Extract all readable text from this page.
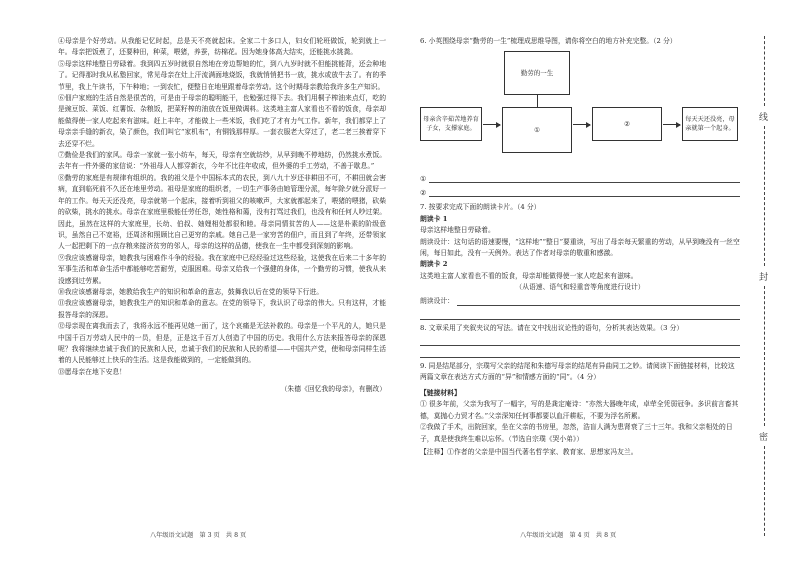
④母亲是个好劳动。从我能记忆时起，总是天不亮就起床。全家二十多口人，妇女们轮班做饭，轮到就上一年。母亲把饭煮了，还要种田，种菜，喂猪，养蚕，纺棉花。因为她身体高大结实，还能挑水挑粪。

⑤母亲这样地整日劳碌着。我到四五岁时就很自然地在旁边帮她的忙，到八九岁时就不但能挑能背，还会种地了。记得那时我从私塾回家，常见母亲在灶上汗流满面地烧饭，我就悄悄把书一放，挑水或放牛去了。有的季节里，我上午读书，下午种地；一到农忙，便整日在地里跟着母亲劳动。这个时期母亲教给我许多生产知识。

⑥佃户家庭的生活自然是很苦的，可是由于母亲的聪明能干，也勉强过得下去。我们用桐子榨油来点灯，吃的是豌豆饭、菜饭、红薯饭、杂粮饭，把菜籽榨的油放在饭里做调料。这类地主富人家看也不看的饭食，母亲却能做得使一家人吃起来有滋味。赶上丰年，才能做上一些米饭，我们吃了才有力气工作。新年，我们都穿上了母亲亲手缝的新衣，染了颜色，我们叫它“家机布”，有铜钱那样厚。一套衣服老大穿过了，老二老三挨着穿下去还穿不烂。

⑦勤俭是我们的家风。母亲一家就一张小纺车，每天，母亲有空就纺纱，从早到晚不停地纺，仍然挑水煮饭。去年有一件外婆的家信说：“外祖母人人都穿新衣，今年不比往年收成，但外婆的手工劳动，不善于歇息。”

⑧勤劳的家庭是有规律有组织的。我的祖父是个中国标本式的农民，到八九十岁还非耕田不可，不耕田就会害病，直到临死前不久还在地里劳动。祖母是家庭的组织者，一切生产事务由她管理分派，每年除夕就分派好一年的工作。每天天还没亮，母亲就第一个起床，接着听到祖父的咳嗽声，大家就都起来了，喂猪的喂猪，砍柴的砍柴，挑水的挑水。母亲在家庭里极能任劳任怨，她性格和蔼，没有打骂过我们，也没有和任何人吵过架。因此，虽然在这样的大家庭里，长幼、伯叔、妯娌相处都很和睦。母亲同情贫苦的人——这是朴素的阶级意识，虽然自己不宽裕，还周济和照顾比自己更穷的亲戚。她自己是一家穷苦的佃户，而且到了年终，还带领家人一起把剩下的一点存粮来接济贫穷的邻人，母亲的这样的品德，使我在一生中都受到深刻的影响。

⑨我应该感谢母亲，她教我与困难作斗争的经验。我在家庭中已经经验过这些经验，这使我在后来二十多年的军事生活和革命生活中都能够吃苦耐劳，克服困难。母亲又给我一个强健的身体，一个勤劳的习惯，使我从来没感到过劳累。

⑩我应该感谢母亲，她教给我生产的知识和革命的意志，鼓舞我以后在党的领导下行进。

⑪我应该感谢母亲，她教我生产的知识和革命的意志。在党的领导下，我认识了母亲的伟大。只有这样，才能报答母亲的深恩。

⑫母亲现在离我而去了，我将永远不能再见她一面了，这个哀痛是无法补救的。母亲是一个平凡的人，她只是中国千百万劳动人民中的一员，但是，正是这千百万人创造了中国的历史。我用什么方法来报答母亲的深恩呢？我将继续忠诚于我们的民族和人民，忠诚于我们的民族和人民的希望——中国共产党，使和母亲同样生活着的人民能够过上快乐的生活。这是我能做到的，一定能做到的。

⑬愿母亲在地下安息！

（朱德《回忆我的母亲》，有删改）

八年级语文试题　第 3 页　共 8 页

6. 小英围绕母亲“勤劳的一生”梳理成思维导图，请你将空白的地方补充完整。（2 分）

勤劳的一生
母亲含辛茹苦地养育子女，支撑家庭。	①
②	每天天还没亮，母亲就第一个起身。
①
②

7. 按要求完成下面的朗读卡片。（4 分）

朗读卡 1

母亲这样地整日劳碌着。

朗读设计：这句话的语速要慢，“这样地”“整日”要重读，写出了母亲每天繁重的劳动，从早到晚没有一丝空闲，每日如此，没有一天例外。表达了作者对母亲的敬重和感激。

朗读卡 2

这类地主富人家看也不看的饭食，母亲却能做得使一家人吃起来有滋味。

（从语速、语气和轻重音等角度进行设计）

朗读设计：

8. 文章采用了夹叙夹议的写法。请在文中找出议论性的语句，分析其表达效果。（3 分）

9. 同是结尾部分，宗璞写父亲的结尾和朱德写母亲的结尾有异曲同工之妙。请阅读下面链接材料，比较这两篇文章在表达方式方面的“异”和情感方面的“同”。（4 分）

【链接材料】

① 很多年前，父亲为我写了一幅字，写的是龚定庵诗：“亦然大器晚年成，卓荦全凭弱冠争。多识前言畜其德，莫抛心力贸才名。”父亲深知任何事都要以血汗耕耘，不要为浮名所累。

②我做了手术，出院回家，坐在父亲的书房里，忽然，浩盲人满为患肾衰了三十三年。我和父亲相处的日子，真是使我终生难以忘怀。（节选自宗璞《哭小弟》）

【注释】①作者的父亲是中国当代著名哲学家、教育家、思想家冯友兰。

八年级语文试题　第 4 页　共 8 页
线
封
密
